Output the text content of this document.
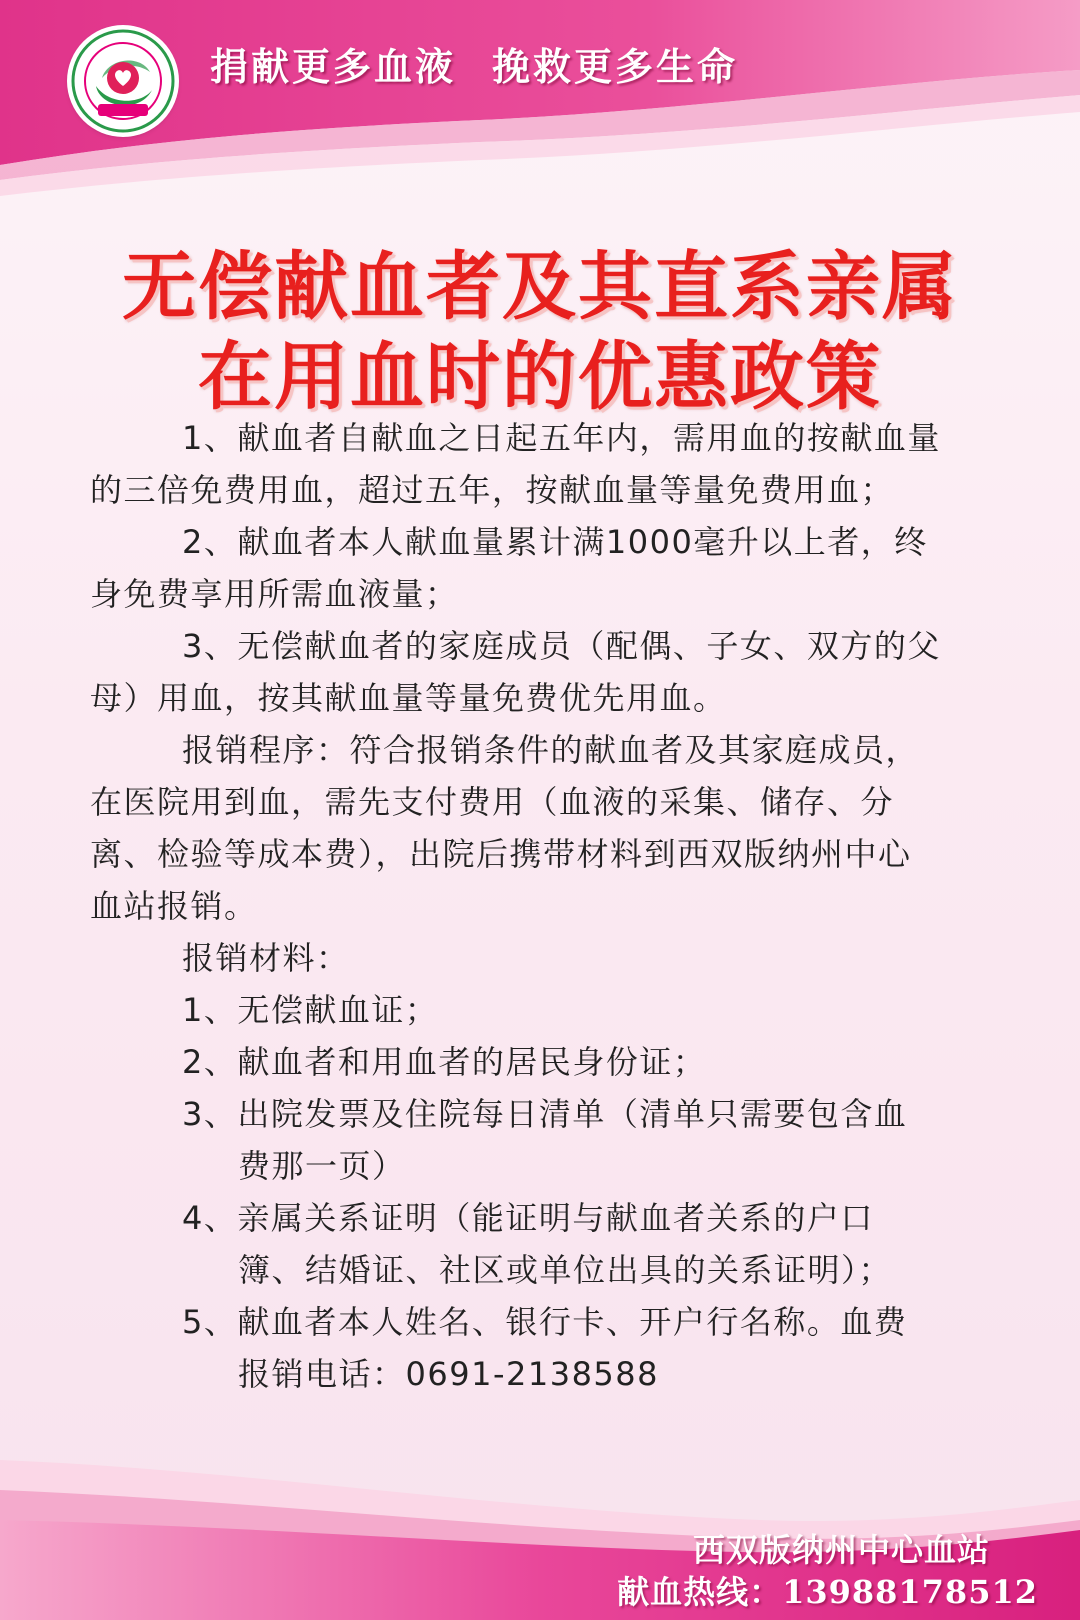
捐献更多血液 挽救更多生命
无偿献血者及其直系亲属
在用血时的优惠政策
1、献血者自献血之日起五年内，需用血的按献血量
的三倍免费用血，超过五年，按献血量等量免费用血；
2、献血者本人献血量累计满1000毫升以上者，终
身免费享用所需血液量；
3、无偿献血者的家庭成员（配偶、子女、双方的父
母）用血，按其献血量等量免费优先用血。
报销程序：符合报销条件的献血者及其家庭成员，
在医院用到血，需先支付费用（血液的采集、储存、分
离、检验等成本费），出院后携带材料到西双版纳州中心
血站报销。
报销材料：
1、无偿献血证；
2、献血者和用血者的居民身份证；
3、出院发票及住院每日清单（清单只需要包含血
费那一页）
4、亲属关系证明（能证明与献血者关系的户口
簿、结婚证、社区或单位出具的关系证明）；
5、献血者本人姓名、银行卡、开户行名称。血费
报销电话：0691-2138588
西双版纳州中心血站
献血热线：13988178512
